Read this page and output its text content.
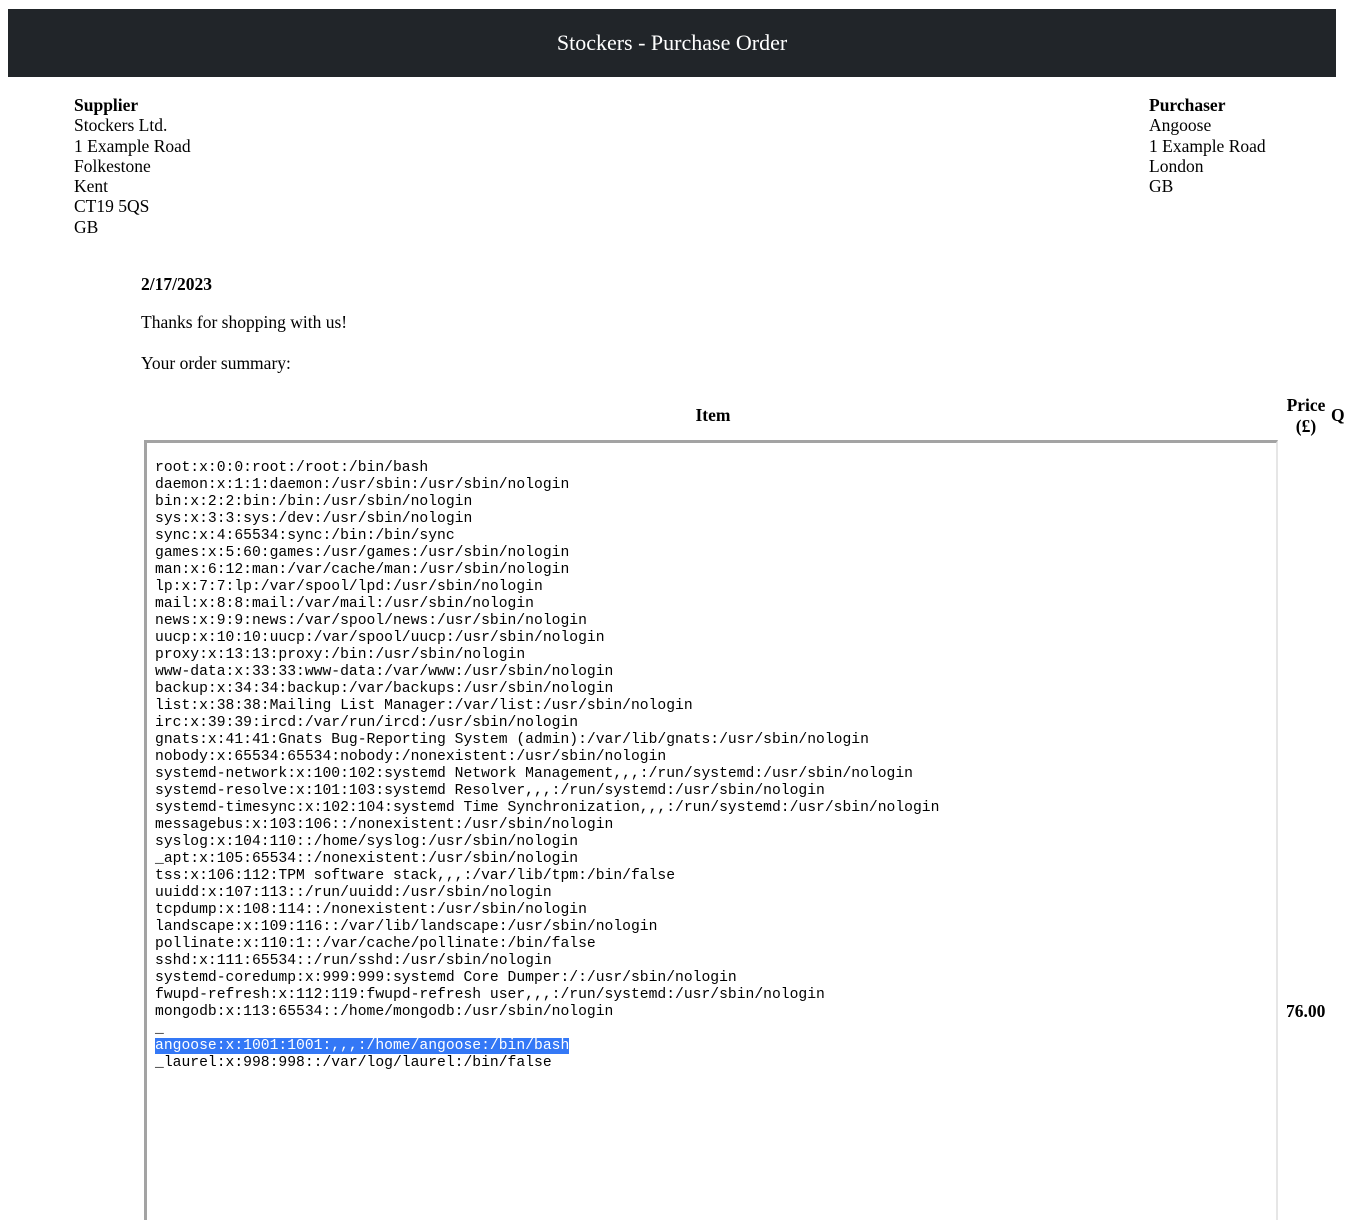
Stockers - Purchase Order
Supplier
Stockers Ltd.
1 Example Road
Folkestone
Kent
CT19 5QS
GB
Purchaser
Angoose
1 Example Road
London
GB
2/17/2023
Thanks for shopping with us!
Your order summary:
Item	Price
(£)
Q
root:x:0:0:root:/root:/bin/bash
daemon:x:1:1:daemon:/usr/sbin:/usr/sbin/nologin
bin:x:2:2:bin:/bin:/usr/sbin/nologin
sys:x:3:3:sys:/dev:/usr/sbin/nologin
sync:x:4:65534:sync:/bin:/bin/sync
games:x:5:60:games:/usr/games:/usr/sbin/nologin
man:x:6:12:man:/var/cache/man:/usr/sbin/nologin
lp:x:7:7:lp:/var/spool/lpd:/usr/sbin/nologin
mail:x:8:8:mail:/var/mail:/usr/sbin/nologin
news:x:9:9:news:/var/spool/news:/usr/sbin/nologin
uucp:x:10:10:uucp:/var/spool/uucp:/usr/sbin/nologin
proxy:x:13:13:proxy:/bin:/usr/sbin/nologin
www-data:x:33:33:www-data:/var/www:/usr/sbin/nologin
backup:x:34:34:backup:/var/backups:/usr/sbin/nologin
list:x:38:38:Mailing List Manager:/var/list:/usr/sbin/nologin
irc:x:39:39:ircd:/var/run/ircd:/usr/sbin/nologin
gnats:x:41:41:Gnats Bug-Reporting System (admin):/var/lib/gnats:/usr/sbin/nologin
nobody:x:65534:65534:nobody:/nonexistent:/usr/sbin/nologin
systemd-network:x:100:102:systemd Network Management,,,:/run/systemd:/usr/sbin/nologin
systemd-resolve:x:101:103:systemd Resolver,,,:/run/systemd:/usr/sbin/nologin
systemd-timesync:x:102:104:systemd Time Synchronization,,,:/run/systemd:/usr/sbin/nologin
messagebus:x:103:106::/nonexistent:/usr/sbin/nologin
syslog:x:104:110::/home/syslog:/usr/sbin/nologin
_apt:x:105:65534::/nonexistent:/usr/sbin/nologin
tss:x:106:112:TPM software stack,,,:/var/lib/tpm:/bin/false
uuidd:x:107:113::/run/uuidd:/usr/sbin/nologin
tcpdump:x:108:114::/nonexistent:/usr/sbin/nologin
landscape:x:109:116::/var/lib/landscape:/usr/sbin/nologin
pollinate:x:110:1::/var/cache/pollinate:/bin/false
sshd:x:111:65534::/run/sshd:/usr/sbin/nologin
systemd-coredump:x:999:999:systemd Core Dumper:/:/usr/sbin/nologin
fwupd-refresh:x:112:119:fwupd-refresh user,,,:/run/systemd:/usr/sbin/nologin
mongodb:x:113:65534::/home/mongodb:/usr/sbin/nologin
_
angoose:x:1001:1001:,,,:/home/angoose:/bin/bash
_laurel:x:998:998::/var/log/laurel:/bin/false
76.00
